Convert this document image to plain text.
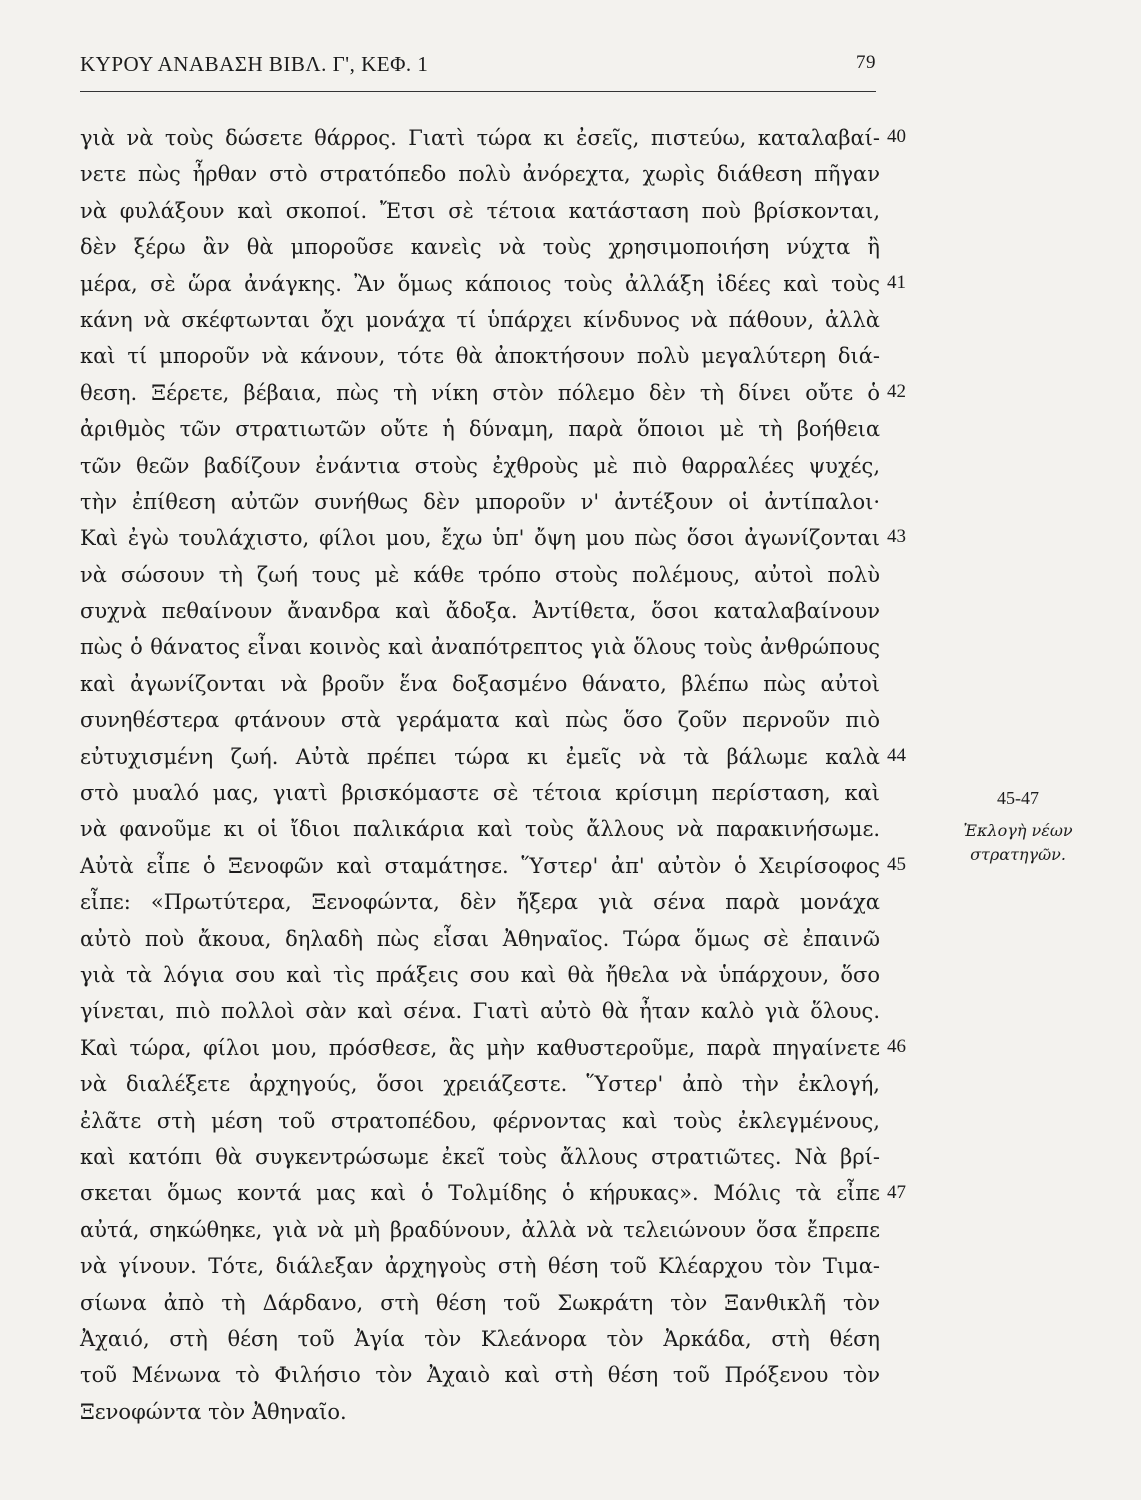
ΚΥΡΟΥ ΑΝΑΒΑΣΗ ΒΙΒΛ. Γ', ΚΕΦ. 1	79
γιὰ νὰ τοὺς δώσετε θάρρος. Γιατὶ τώρα κι ἐσεῖς, πιστεύω, καταλαβαί-
νετε πὼς ἦρθαν στὸ στρατόπεδο πολὺ ἀνόρεχτα, χωρὶς διάθεση πῆγαν
νὰ φυλάξουν καὶ σκοποί. Ἔτσι σὲ τέτοια κατάσταση ποὺ βρίσκονται,
δὲν ξέρω ἂν θὰ μποροῦσε κανεὶς νὰ τοὺς χρησιμοποιήση νύχτα ἢ
μέρα, σὲ ὥρα ἀνάγκης. Ἂν ὅμως κάποιος τοὺς ἀλλάξη ἰδέες καὶ τοὺς
κάνη νὰ σκέφτωνται ὄχι μονάχα τί ὑπάρχει κίνδυνος νὰ πάθουν, ἀλλὰ
καὶ τί μποροῦν νὰ κάνουν, τότε θὰ ἀποκτήσουν πολὺ μεγαλύτερη διά-
θεση. Ξέρετε, βέβαια, πὼς τὴ νίκη στὸν πόλεμο δὲν τὴ δίνει οὔτε ὁ
ἀριθμὸς τῶν στρατιωτῶν οὔτε ἡ δύναμη, παρὰ ὅποιοι μὲ τὴ βοήθεια
τῶν θεῶν βαδίζουν ἐνάντια στοὺς ἐχθροὺς μὲ πιὸ θαρραλέες ψυχές,
τὴν ἐπίθεση αὐτῶν συνήθως δὲν μποροῦν ν' ἀντέξουν οἱ ἀντίπαλοι·
Καὶ ἐγὼ τουλάχιστο, φίλοι μου, ἔχω ὑπ' ὄψη μου πὼς ὅσοι ἀγωνίζονται
νὰ σώσουν τὴ ζωή τους μὲ κάθε τρόπο στοὺς πολέμους, αὐτοὶ πολὺ
συχνὰ πεθαίνουν ἄνανδρα καὶ ἄδοξα. Ἀντίθετα, ὅσοι καταλαβαίνουν
πὼς ὁ θάνατος εἶναι κοινὸς καὶ ἀναπότρεπτος γιὰ ὅλους τοὺς ἀνθρώπους
καὶ ἀγωνίζονται νὰ βροῦν ἕνα δοξασμένο θάνατο, βλέπω πὼς αὐτοὶ
συνηθέστερα φτάνουν στὰ γεράματα καὶ πὼς ὅσο ζοῦν περνοῦν πιὸ
εὐτυχισμένη ζωή. Αὐτὰ πρέπει τώρα κι ἐμεῖς νὰ τὰ βάλωμε καλὰ
στὸ μυαλό μας, γιατὶ βρισκόμαστε σὲ τέτοια κρίσιμη περίσταση, καὶ
νὰ φανοῦμε κι οἱ ἴδιοι παλικάρια καὶ τοὺς ἄλλους νὰ παρακινήσωμε.
Αὐτὰ εἶπε ὁ Ξενοφῶν καὶ σταμάτησε. Ὕστερ' ἀπ' αὐτὸν ὁ Χειρίσοφος
εἶπε: «Πρωτύτερα, Ξενοφώντα, δὲν ἤξερα γιὰ σένα παρὰ μονάχα
αὐτὸ ποὺ ἄκουα, δηλαδὴ πὼς εἶσαι Ἀθηναῖος. Τώρα ὅμως σὲ ἐπαινῶ
γιὰ τὰ λόγια σου καὶ τὶς πράξεις σου καὶ θὰ ἤθελα νὰ ὑπάρχουν, ὅσο
γίνεται, πιὸ πολλοὶ σὰν καὶ σένα. Γιατὶ αὐτὸ θὰ ἦταν καλὸ γιὰ ὅλους.
Καὶ τώρα, φίλοι μου, πρόσθεσε, ἂς μὴν καθυστεροῦμε, παρὰ πηγαίνετε
νὰ διαλέξετε ἀρχηγούς, ὅσοι χρειάζεστε. Ὕστερ' ἀπὸ τὴν ἐκλογή,
ἐλᾶτε στὴ μέση τοῦ στρατοπέδου, φέρνοντας καὶ τοὺς ἐκλεγμένους,
καὶ κατόπι θὰ συγκεντρώσωμε ἐκεῖ τοὺς ἄλλους στρατιῶτες. Νὰ βρί-
σκεται ὅμως κοντά μας καὶ ὁ Τολμίδης ὁ κήρυκας». Μόλις τὰ εἶπε
αὐτά, σηκώθηκε, γιὰ νὰ μὴ βραδύνουν, ἀλλὰ νὰ τελειώνουν ὅσα ἔπρεπε
νὰ γίνουν. Τότε, διάλεξαν ἀρχηγοὺς στὴ θέση τοῦ Κλέαρχου τὸν Τιμα-
σίωνα ἀπὸ τὴ Δάρδανο, στὴ θέση τοῦ Σωκράτη τὸν Ξανθικλῆ τὸν
Ἀχαιό, στὴ θέση τοῦ Ἀγία τὸν Κλεάνορα τὸν Ἀρκάδα, στὴ θέση
τοῦ Μένωνα τὸ Φιλήσιο τὸν Ἀχαιὸ καὶ στὴ θέση τοῦ Πρόξενου τὸν
Ξενοφώντα τὸν Ἀθηναῖο.
40
41
42
43
44
45
46
47
45-47
Ἐκλογὴ νέων
στρατηγῶν.
